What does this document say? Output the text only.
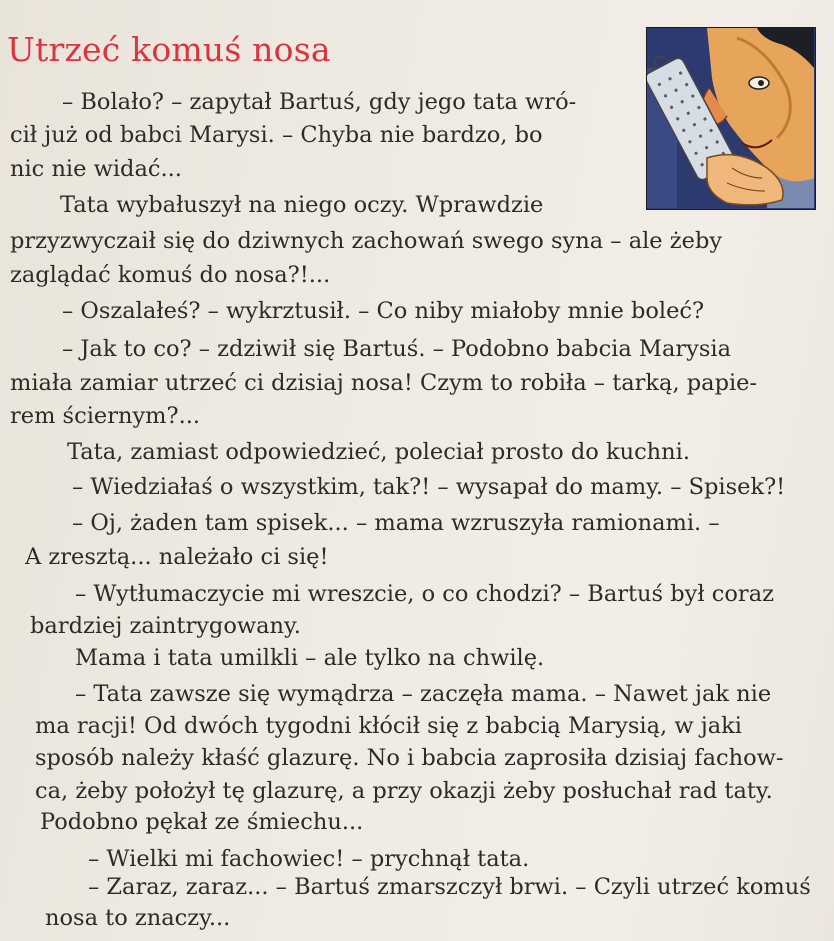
Utrzeć komuś nosa
– Bolało? – zapytał Bartuś, gdy jego tata wró-
cił już od babci Marysi. – Chyba nie bardzo, bo
nic nie widać...
Tata wybałuszył na niego oczy. Wprawdzie
przyzwyczaił się do dziwnych zachowań swego syna – ale żeby
zaglądać komuś do nosa?!...
– Oszalałeś? – wykrztusił. – Co niby miałoby mnie boleć?
– Jak to co? – zdziwił się Bartuś. – Podobno babcia Marysia
miała zamiar utrzeć ci dzisiaj nosa! Czym to robiła – tarką, papie-
rem ściernym?...
Tata, zamiast odpowiedzieć, poleciał prosto do kuchni.
– Wiedziałaś o wszystkim, tak?! – wysapał do mamy. – Spisek?!
– Oj, żaden tam spisek... – mama wzruszyła ramionami. –
A zresztą... należało ci się!
– Wytłumaczycie mi wreszcie, o co chodzi? – Bartuś był coraz
bardziej zaintrygowany.
Mama i tata umilkli – ale tylko na chwilę.
– Tata zawsze się wymądrza – zaczęła mama. – Nawet jak nie
ma racji! Od dwóch tygodni kłócił się z babcią Marysią, w jaki
sposób należy kłaść glazurę. No i babcia zaprosiła dzisiaj fachow-
ca, żeby położył tę glazurę, a przy okazji żeby posłuchał rad taty.
Podobno pękał ze śmiechu...
– Wielki mi fachowiec! – prychnął tata.
– Zaraz, zaraz... – Bartuś zmarszczył brwi. – Czyli utrzeć komuś
nosa to znaczy...
